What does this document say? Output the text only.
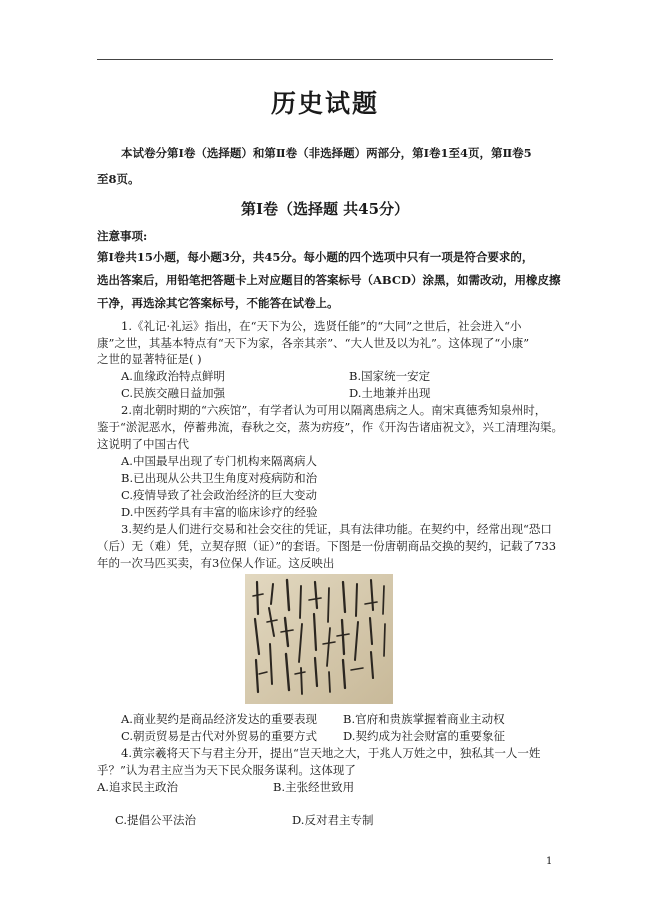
历史试题
本试卷分第Ⅰ卷（选择题）和第Ⅱ卷（非选择题）两部分，第Ⅰ卷1至4页，第Ⅱ卷5
至8页。
第Ⅰ卷（选择题 共45分）
注意事项:
第Ⅰ卷共15小题，每小题3分，共45分。每小题的四个选项中只有一项是符合要求的，
选出答案后，用铅笔把答题卡上对应题目的答案标号（ABCD）涂黑，如需改动，用橡皮擦
干净，再选涂其它答案标号，不能答在试卷上。
1.《礼记·礼运》指出，在“天下为公，选贤任能”的“大同”之世后，社会进入“小
康”之世，其基本特点有“天下为家，各亲其亲”、“大人世及以为礼”。这体现了“小康”
之世的显著特征是( )
A.血缘政治特点鲜明	B.国家统一安定
C.民族交融日益加强	D.土地兼并出现
2.南北朝时期的“六疾馆”，有学者认为可用以隔离患病之人。南宋真德秀知泉州时，
鉴于“淤泥恶水，停蓄弗流，春秋之交，蒸为疠疫”，作《开沟告诸庙祝文》，兴工清理沟渠。
这说明了中国古代
A.中国最早出现了专门机构来隔离病人
B.已出现从公共卫生角度对疫病防和治
C.疫情导致了社会政治经济的巨大变动
D.中医药学具有丰富的临床诊疗的经验
3.契约是人们进行交易和社会交往的凭证，具有法律功能。在契约中，经常出现“恐口
（后）无（难）凭，立契存照（证）”的套语。下图是一份唐朝商品交换的契约，记载了733
年的一次马匹买卖，有3位保人作证。这反映出
A.商业契约是商品经济发达的重要表现 B.官府和贵族掌握着商业主动权
C.朝贡贸易是古代对外贸易的重要方式 D.契约成为社会财富的重要象征
4.黄宗羲将天下与君主分开，提出“岂天地之大，于兆人万姓之中，独私其一人一姓
乎？”认为君主应当为天下民众服务谋利。这体现了
A.追求民主政治	B.主张经世致用
C.提倡公平法治	D.反对君主专制
1
